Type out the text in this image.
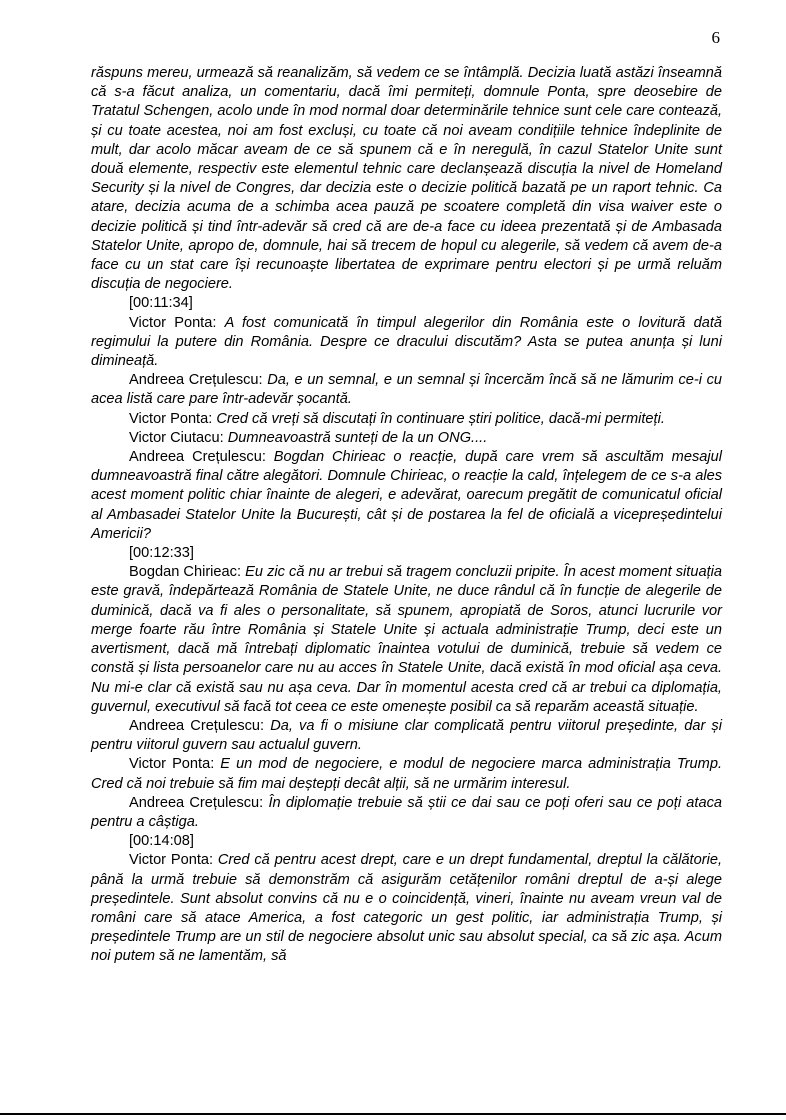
6

răspuns mereu, urmează să reanalizăm, să vedem ce se întâmplă. Decizia luată astăzi înseamnă că s-a făcut analiza, un comentariu, dacă îmi permiteți, domnule Ponta, spre deosebire de Tratatul Schengen, acolo unde în mod normal doar determinările tehnice sunt cele care contează, și cu toate acestea, noi am fost excluși, cu toate că noi aveam condițiile tehnice îndeplinite de mult, dar acolo măcar aveam de ce să spunem că e în neregulă, în cazul Statelor Unite sunt două elemente, respectiv este elementul tehnic care declanșează discuția la nivel de Homeland Security și la nivel de Congres, dar decizia este o decizie politică bazată pe un raport tehnic. Ca atare, decizia acuma de a schimba acea pauză pe scoatere completă din visa waiver este o decizie politică și tind într-adevăr să cred că are de-a face cu ideea prezentată și de Ambasada Statelor Unite, apropo de, domnule, hai să trecem de hopul cu alegerile, să vedem că avem de-a face cu un stat care își recunoaște libertatea de exprimare pentru electori și pe urmă reluăm discuția de negociere.

[00:11:34]

Victor Ponta: A fost comunicată în timpul alegerilor din România este o lovitură dată regimului la putere din România. Despre ce dracului discutăm? Asta se putea anunța și luni dimineață.

Andreea Crețulescu: Da, e un semnal, e un semnal și încercăm încă să ne lămurim ce-i cu acea listă care pare într-adevăr șocantă.

Victor Ponta: Cred că vreți să discutați în continuare știri politice, dacă-mi permiteți.

Victor Ciutacu: Dumneavoastră sunteți de la un ONG....

Andreea Crețulescu: Bogdan Chirieac o reacție, după care vrem să ascultăm mesajul dumneavoastră final către alegători. Domnule Chirieac, o reacție la cald, înțelegem de ce s-a ales acest moment politic chiar înainte de alegeri, e adevărat, oarecum pregătit de comunicatul oficial al Ambasadei Statelor Unite la București, cât și de postarea la fel de oficială a vicepreședintelui Americii?

[00:12:33]

Bogdan Chirieac: Eu zic că nu ar trebui să tragem concluzii pripite. În acest moment situația este gravă, îndepărtează România de Statele Unite, ne duce rândul că în funcție de alegerile de duminică, dacă va fi ales o personalitate, să spunem, apropiată de Soros, atunci lucrurile vor merge foarte rău între România și Statele Unite și actuala administrație Trump, deci este un avertisment, dacă mă întrebați diplomatic înaintea votului de duminică, trebuie să vedem ce constă și lista persoanelor care nu au acces în Statele Unite, dacă există în mod oficial așa ceva. Nu mi-e clar că există sau nu așa ceva. Dar în momentul acesta cred că ar trebui ca diplomația, guvernul, executivul să facă tot ceea ce este omenește posibil ca să reparăm această situație.

Andreea Crețulescu: Da, va fi o misiune clar complicată pentru viitorul președinte, dar și pentru viitorul guvern sau actualul guvern.

Victor Ponta: E un mod de negociere, e modul de negociere marca administrația Trump. Cred că noi trebuie să fim mai deștepți decât alții, să ne urmărim interesul.

Andreea Crețulescu: În diplomație trebuie să știi ce dai sau ce poți oferi sau ce poți ataca pentru a câștiga.

[00:14:08]

Victor Ponta: Cred că pentru acest drept, care e un drept fundamental, dreptul la călătorie, până la urmă trebuie să demonstrăm că asigurăm cetățenilor români dreptul de a-și alege președintele. Sunt absolut convins că nu e o coincidență, vineri, înainte nu aveam vreun val de români care să atace America, a fost categoric un gest politic, iar administrația Trump, și președintele Trump are un stil de negociere absolut unic sau absolut special, ca să zic așa. Acum noi putem să ne lamentăm, să
